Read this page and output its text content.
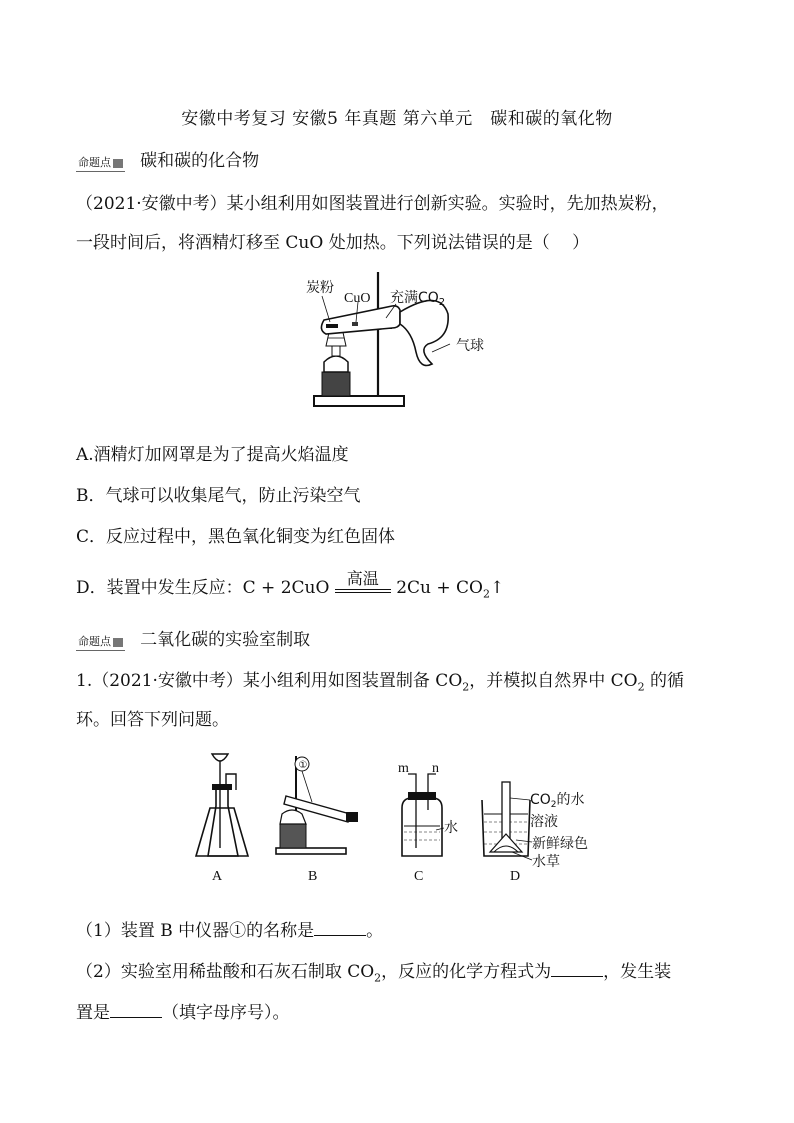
安徽中考复习 安徽5 年真题 第六单元　碳和碳的氧化物
命题点 碳和碳的化合物
（2021·安徽中考）某小组利用如图装置进行创新实验。实验时，先加热炭粉，
一段时间后，将酒精灯移至 CuO 处加热。下列说法错误的是（　 ）
炭粉
CuO 充满$CO_2$
气球
A.酒精灯加网罩是为了提高火焰温度
B．气球可以收集尾气，防止污染空气
C．反应过程中，黑色氧化铜变为红色固体
D．装置中发生反应：C + 2CuO 高温 $2Cu + CO_2↑$
命题点 二氧化碳的实验室制取
1.（2021·安徽中考）某小组利用如图装置制备 $CO_2$，并模拟自然界中 $CO_2$ 的循
环。回答下列问题。
A
①
B
m n
水
C
$CO_2$的水
溶液
新鲜绿色
水草
D
（1）装置 B 中仪器①的名称是	。
（2）实验室用稀盐酸和石灰石制取 $CO_2$，反应的化学方程式为	，发生装
置是	（填字母序号）。
